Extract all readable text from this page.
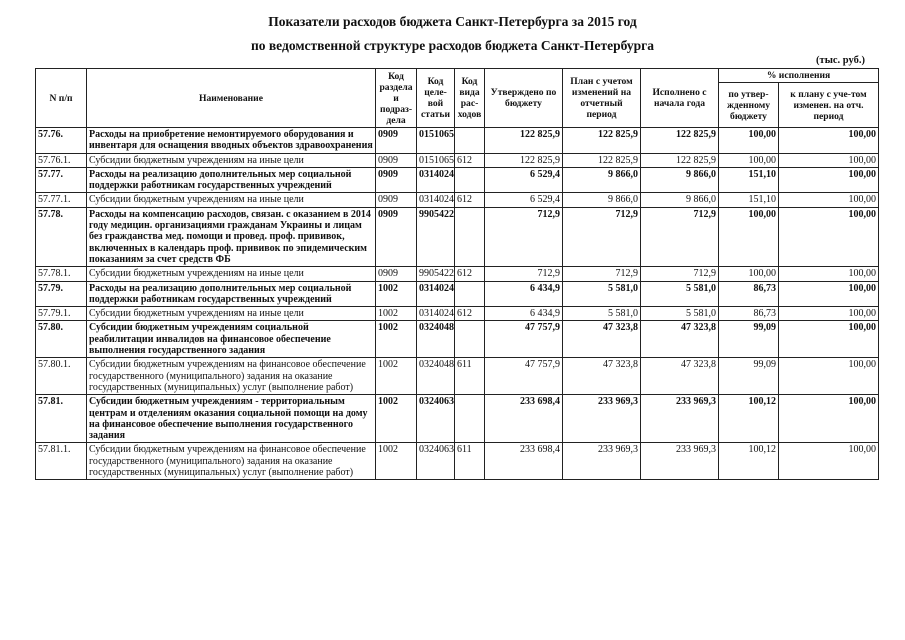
Показатели расходов бюджета Санкт-Петербурга за 2015 год
по ведомственной структуре расходов бюджета Санкт-Петербурга
(тыс. руб.)
N п/п	Наименование	Код раздела и подраз-дела	Код целе-вой статьи	Код вида рас-ходов	Утверждено по бюджету	План с учетом изменений на отчетный период	Исполнено с начала года	% исполнения	
								по утвер-жденному бюджету	к плану с уче-том изменен. на отч. период
57.76.	Расходы на приобретение немонтируемого оборудования и инвентаря для оснащения вводных объектов здравоохранения	0909	0151065		122 825,9	122 825,9	122 825,9	100,00	100,00
57.76.1.	Субсидии бюджетным учреждениям на иные цели	0909	0151065	612	122 825,9	122 825,9	122 825,9	100,00	100,00
57.77.	Расходы на реализацию дополнительных мер социальной поддержки работникам государственных учреждений	0909	0314024		6 529,4	9 866,0	9 866,0	151,10	100,00
57.77.1.	Субсидии бюджетным учреждениям на иные цели	0909	0314024	612	6 529,4	9 866,0	9 866,0	151,10	100,00
57.78.	Расходы на компенсацию расходов, связан. с оказанием в 2014 году медицин. организациями гражданам Украины и лицам без гражданства мед. помощи и провед. проф. прививок, включенных в календарь проф. прививок по эпидемическим показаниям за счет средств ФБ	0909	9905422		712,9	712,9	712,9	100,00	100,00
57.78.1.	Субсидии бюджетным учреждениям на иные цели	0909	9905422	612	712,9	712,9	712,9	100,00	100,00
57.79.	Расходы на реализацию дополнительных мер социальной поддержки работникам государственных учреждений	1002	0314024		6 434,9	5 581,0	5 581,0	86,73	100,00
57.79.1.	Субсидии бюджетным учреждениям на иные цели	1002	0314024	612	6 434,9	5 581,0	5 581,0	86,73	100,00
57.80.	Субсидии бюджетным учреждениям социальной реабилитации инвалидов на финансовое обеспечение выполнения государственного задания	1002	0324048		47 757,9	47 323,8	47 323,8	99,09	100,00
57.80.1.	Субсидии бюджетным учреждениям на финансовое обеспечение государственного (муниципального) задания на оказание государственных (муниципальных) услуг (выполнение работ)	1002	0324048	611	47 757,9	47 323,8	47 323,8	99,09	100,00
57.81.	Субсидии бюджетным учреждениям - территориальным центрам и отделениям оказания социальной помощи на дому на финансовое обеспечение выполнения государственного задания	1002	0324063		233 698,4	233 969,3	233 969,3	100,12	100,00
57.81.1.	Субсидии бюджетным учреждениям на финансовое обеспечение государственного (муниципального) задания на оказание государственных (муниципальных) услуг (выполнение работ)	1002	0324063	611	233 698,4	233 969,3	233 969,3	100,12	100,00
